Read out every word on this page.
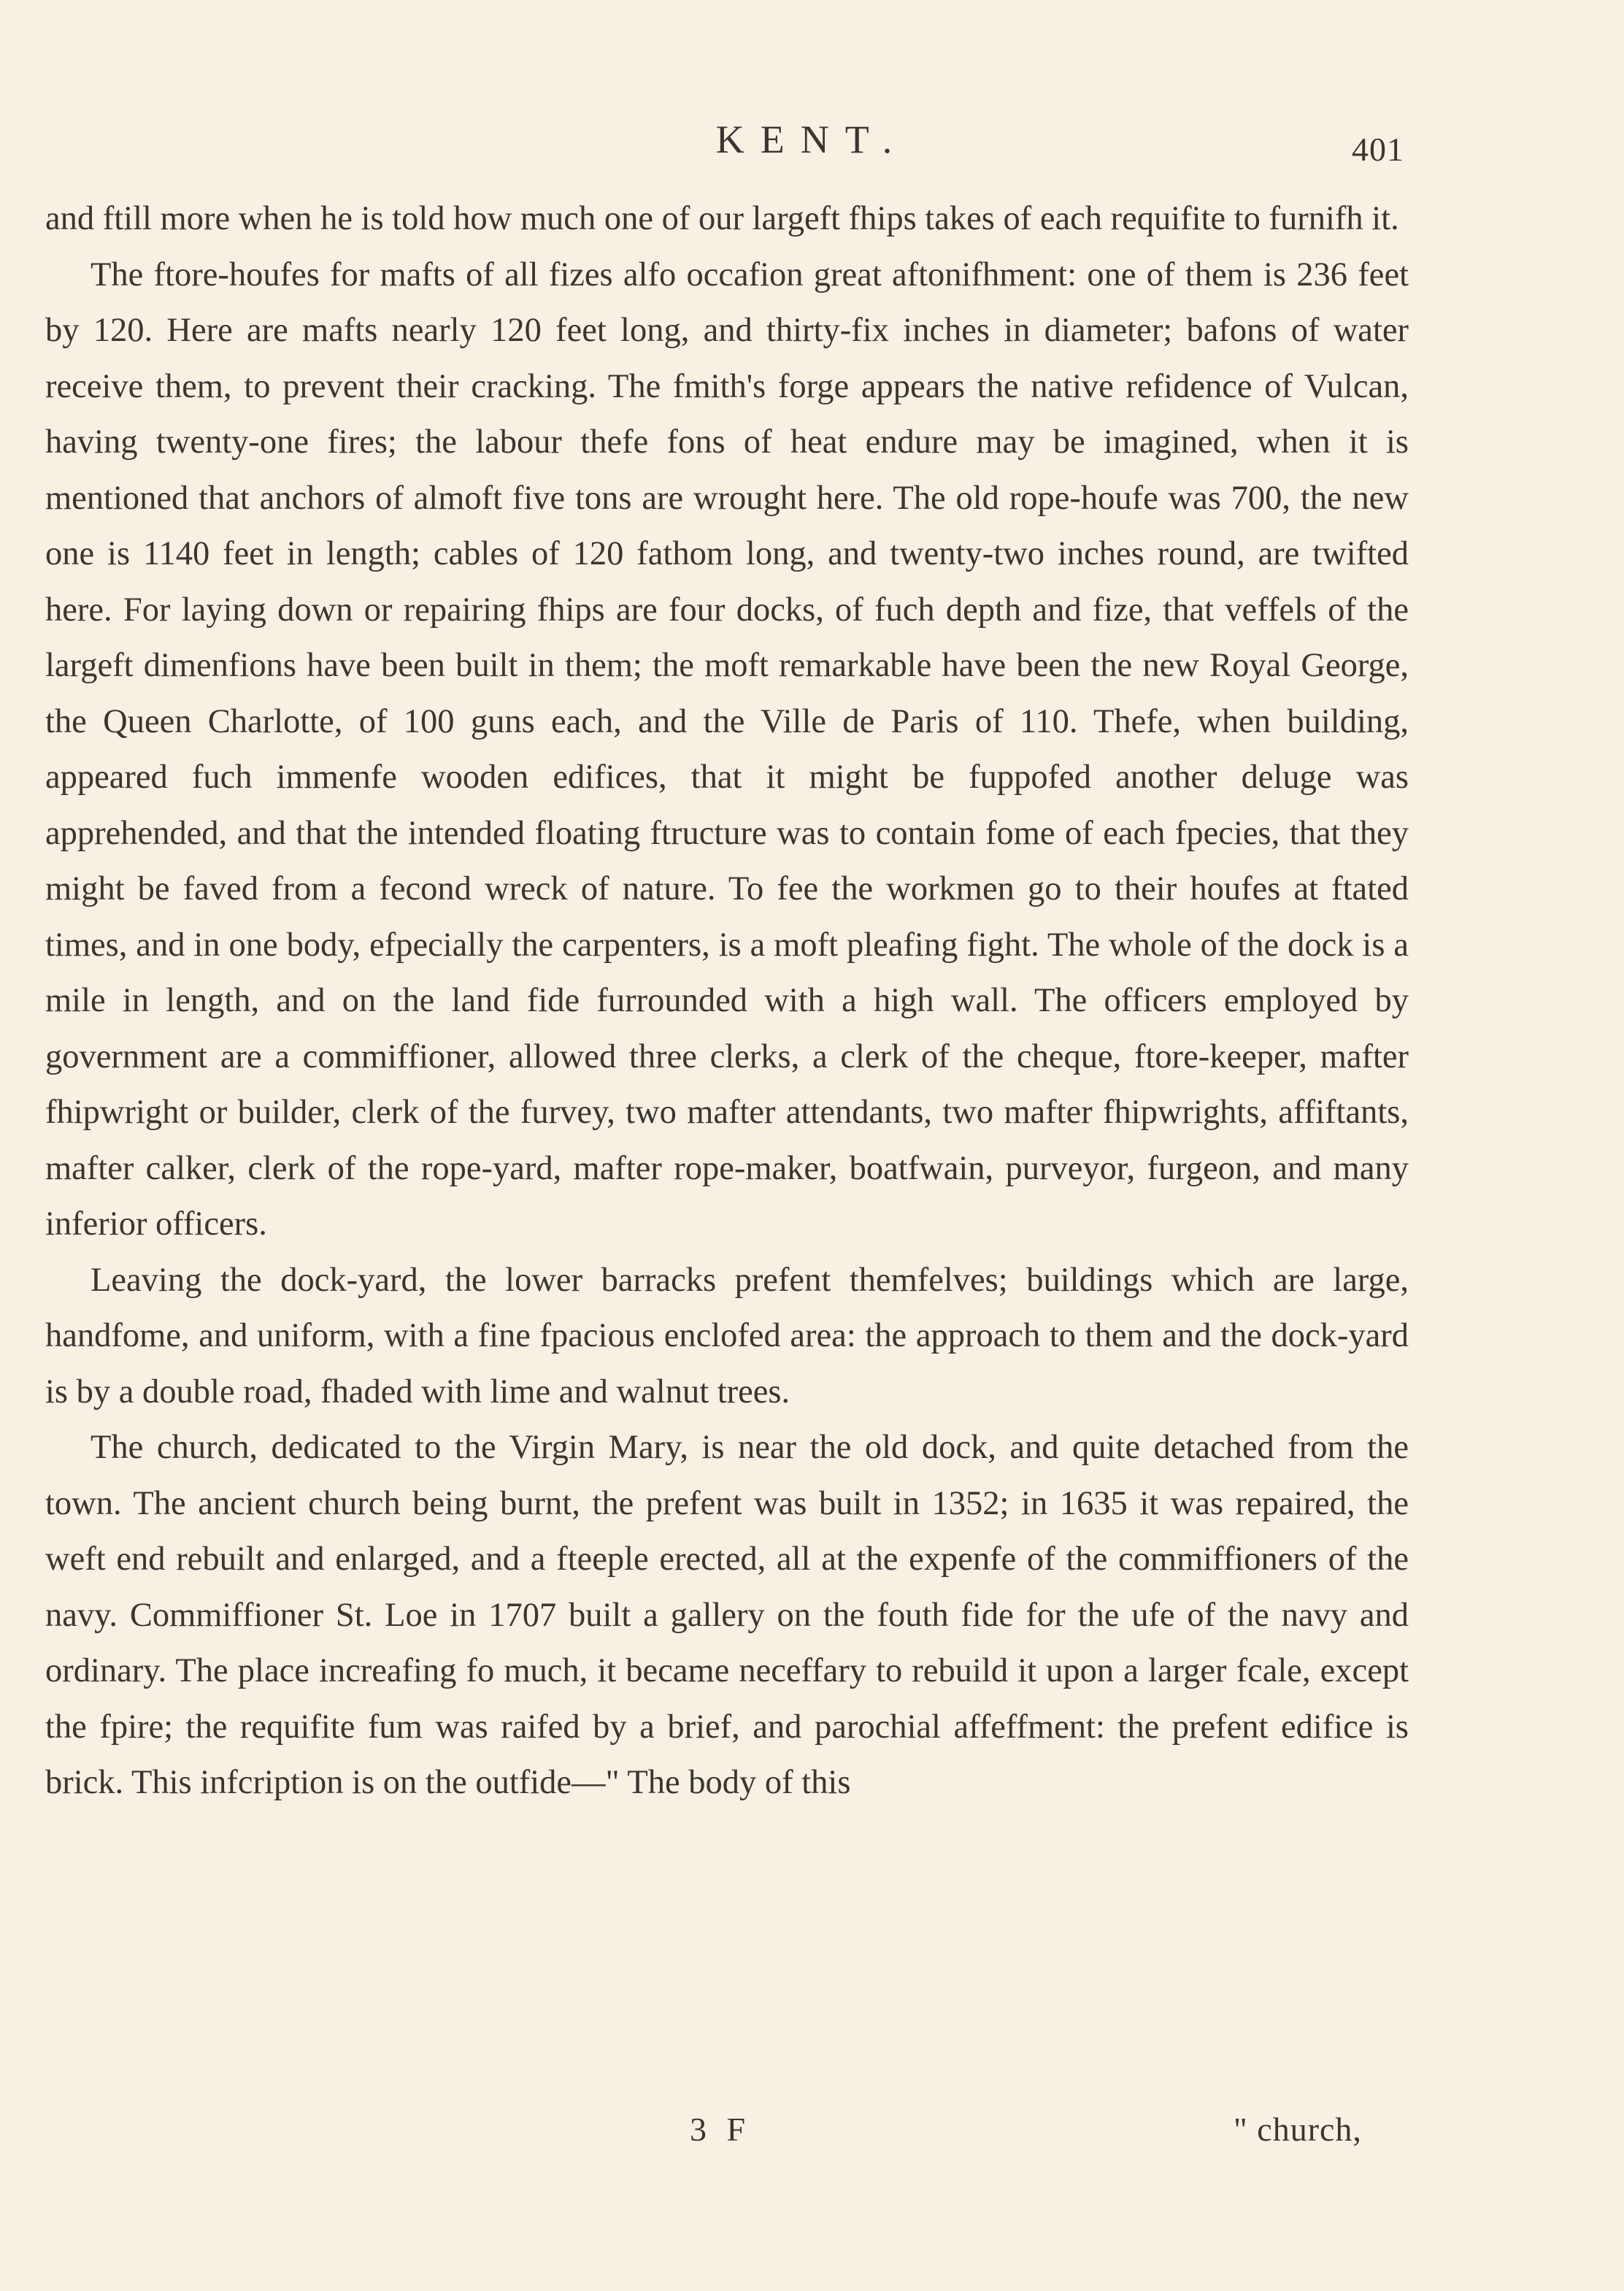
KENT.	401

and ftill more when he is told how much one of our largeft fhips takes of each requifite to furnifh it.

The ftore-houfes for mafts of all fizes alfo occafion great aftonifhment: one of them is 236 feet by 120. Here are mafts nearly 120 feet long, and thirty-fix inches in diameter; bafons of water receive them, to prevent their cracking. The fmith's forge appears the native refidence of Vulcan, having twenty-one fires; the labour thefe fons of heat endure may be imagined, when it is mentioned that anchors of almoft five tons are wrought here. The old rope-houfe was 700, the new one is 1140 feet in length; cables of 120 fathom long, and twenty-two inches round, are twifted here. For laying down or repairing fhips are four docks, of fuch depth and fize, that veffels of the largeft dimenfions have been built in them; the moft remarkable have been the new Royal George, the Queen Charlotte, of 100 guns each, and the Ville de Paris of 110. Thefe, when building, appeared fuch immenfe wooden edifices, that it might be fuppofed another deluge was apprehended, and that the intended floating ftructure was to contain fome of each fpecies, that they might be faved from a fecond wreck of nature. To fee the workmen go to their houfes at ftated times, and in one body, efpecially the carpenters, is a moft pleafing fight. The whole of the dock is a mile in length, and on the land fide furrounded with a high wall. The officers employed by government are a commiffioner, allowed three clerks, a clerk of the cheque, ftore-keeper, mafter fhipwright or builder, clerk of the furvey, two mafter attendants, two mafter fhipwrights, affiftants, mafter calker, clerk of the rope-yard, mafter rope-maker, boatfwain, purveyor, furgeon, and many inferior officers.

Leaving the dock-yard, the lower barracks prefent themfelves; buildings which are large, handfome, and uniform, with a fine fpacious enclofed area: the approach to them and the dock-yard is by a double road, fhaded with lime and walnut trees.

The church, dedicated to the Virgin Mary, is near the old dock, and quite detached from the town. The ancient church being burnt, the prefent was built in 1352; in 1635 it was repaired, the weft end rebuilt and enlarged, and a fteeple erected, all at the expenfe of the commiffioners of the navy. Commiffioner St. Loe in 1707 built a gallery on the fouth fide for the ufe of the navy and ordinary. The place increafing fo much, it became neceffary to rebuild it upon a larger fcale, except the fpire; the requifite fum was raifed by a brief, and parochial affeffment: the prefent edifice is brick. This infcription is on the outfide—" The body of this

3 F	" church,
